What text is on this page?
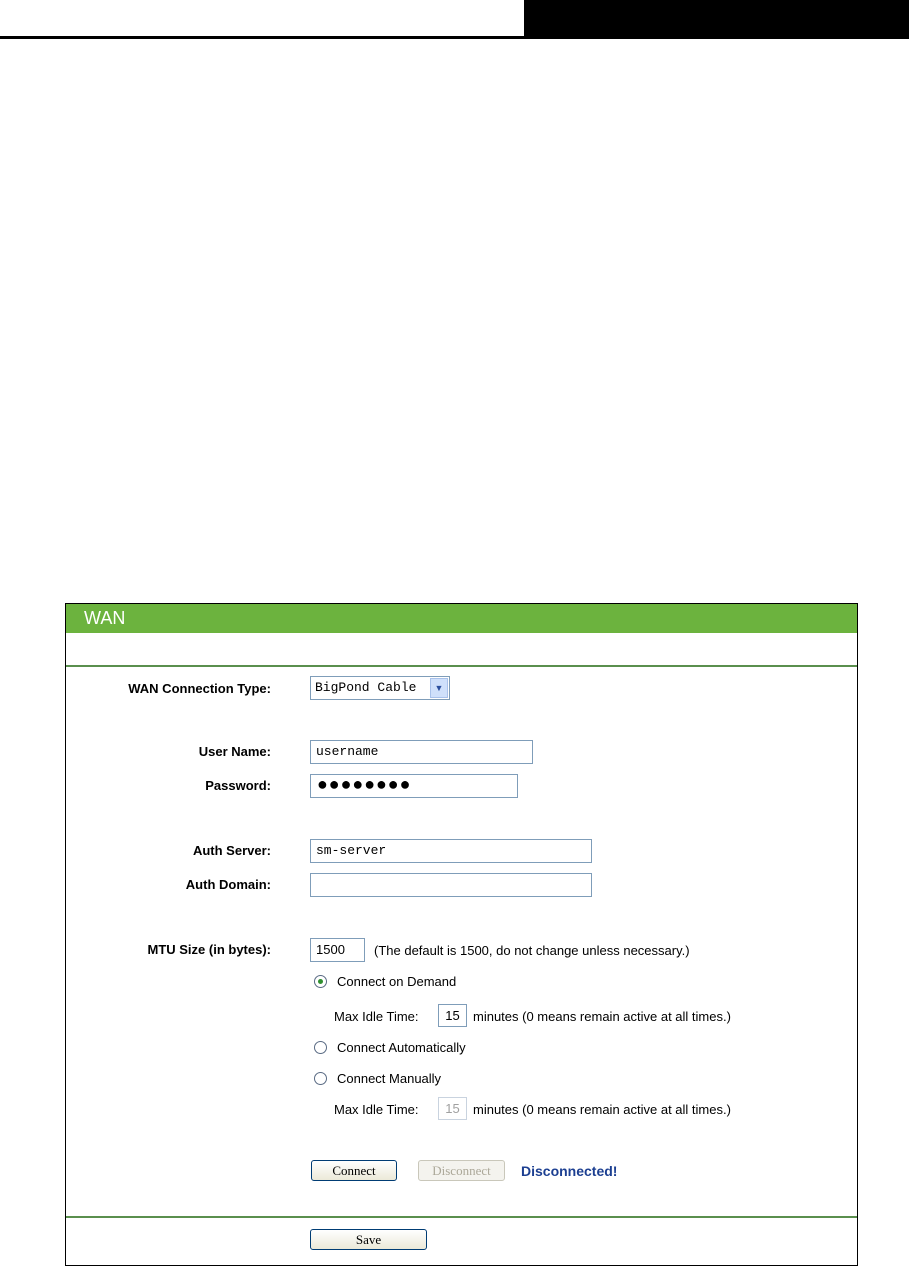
WAN
WAN Connection Type:	BigPond Cable	▼
User Name:	username
Password:	●●●●●●●●
Auth Server:	sm-server
Auth Domain:
MTU Size (in bytes):	1500	(The default is 1500, do not change unless necessary.)
Connect on Demand
Max Idle Time:	15	minutes (0 means remain active at all times.)
Connect Automatically
Connect Manually
Max Idle Time:	15	minutes (0 means remain active at all times.)
Connect	Disconnect	Disconnected!
Save
